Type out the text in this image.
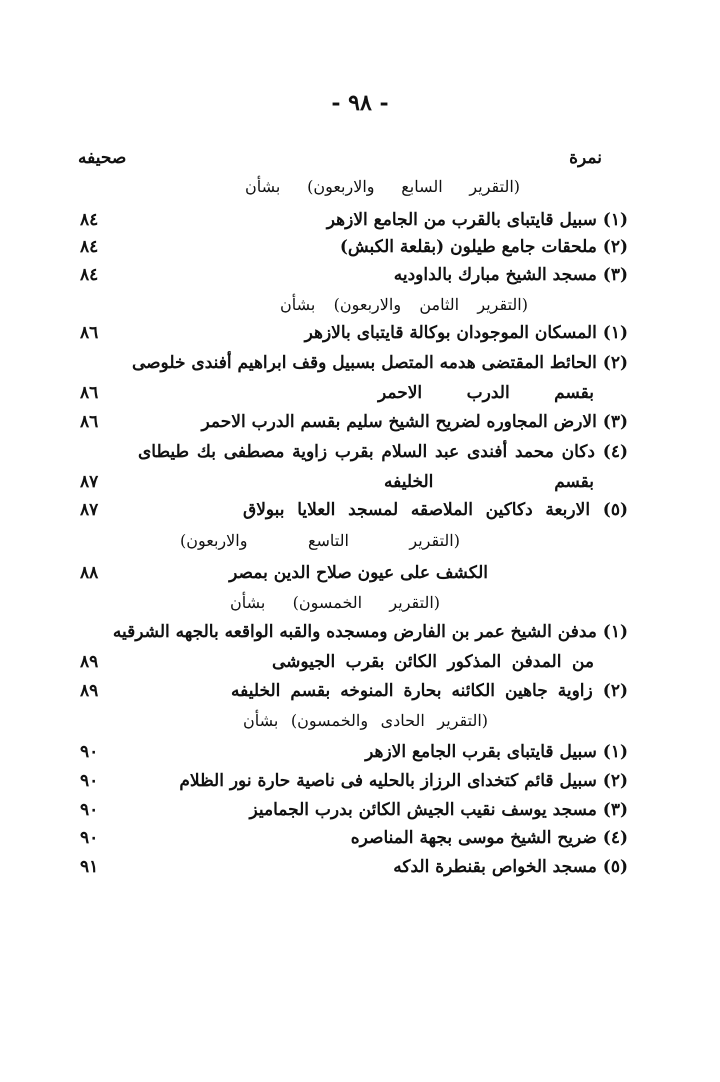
- ٩٨ -
نمرة
صحيفه
(التقرير السابع والاربعون) بشأن
(١) سبيل قايتباى بالقرب من الجامع الازهر
٨٤
(٢) ملحقات جامع طيلون (بقلعة الكبش)
٨٤
(٣) مسجد الشيخ مبارك بالداوديه
٨٤
(التقرير الثامن والاربعون) بشأن
(١) المسكان الموجودان بوكالة قايتباى بالازهر
٨٦
(٢) الحائط المقتضى هدمه المتصل بسبيل وقف ابراهيم أفندى خلوصى
بقسم الدرب الاحمر
٨٦
(٣) الارض المجاوره لضريح الشيخ سليم بقسم الدرب الاحمر
٨٦
(٤) دكان محمد أفندى عبد السلام بقرب زاوية مصطفى بك طيطاى
بقسم الخليفه
٨٧
(٥) الاربعة دكاكين الملاصقه لمسجد العلايا ببولاق
٨٧
(التقرير التاسع والاربعون)
الكشف على عيون صلاح الدين بمصر
٨٨
(التقرير الخمسون) بشأن
(١) مدفن الشيخ عمر بن الفارض ومسجده والقبه الواقعه بالجهه الشرقيه
من المدفن المذكور الكائن بقرب الجيوشى
٨٩
(٢) زاوية جاهين الكائنه بحارة المنوخه بقسم الخليفه
٨٩
(التقرير الحادى والخمسون) بشأن
(١) سبيل قايتباى بقرب الجامع الازهر
٩٠
(٢) سبيل قائم كتخداى الرزاز بالحليه فى ناصية حارة نور الظلام
٩٠
(٣) مسجد يوسف نقيب الجيش الكائن بدرب الجماميز
٩٠
(٤) ضريح الشيخ موسى بجهة المناصره
٩٠
(٥) مسجد الخواص بقنطرة الدكه
٩١
